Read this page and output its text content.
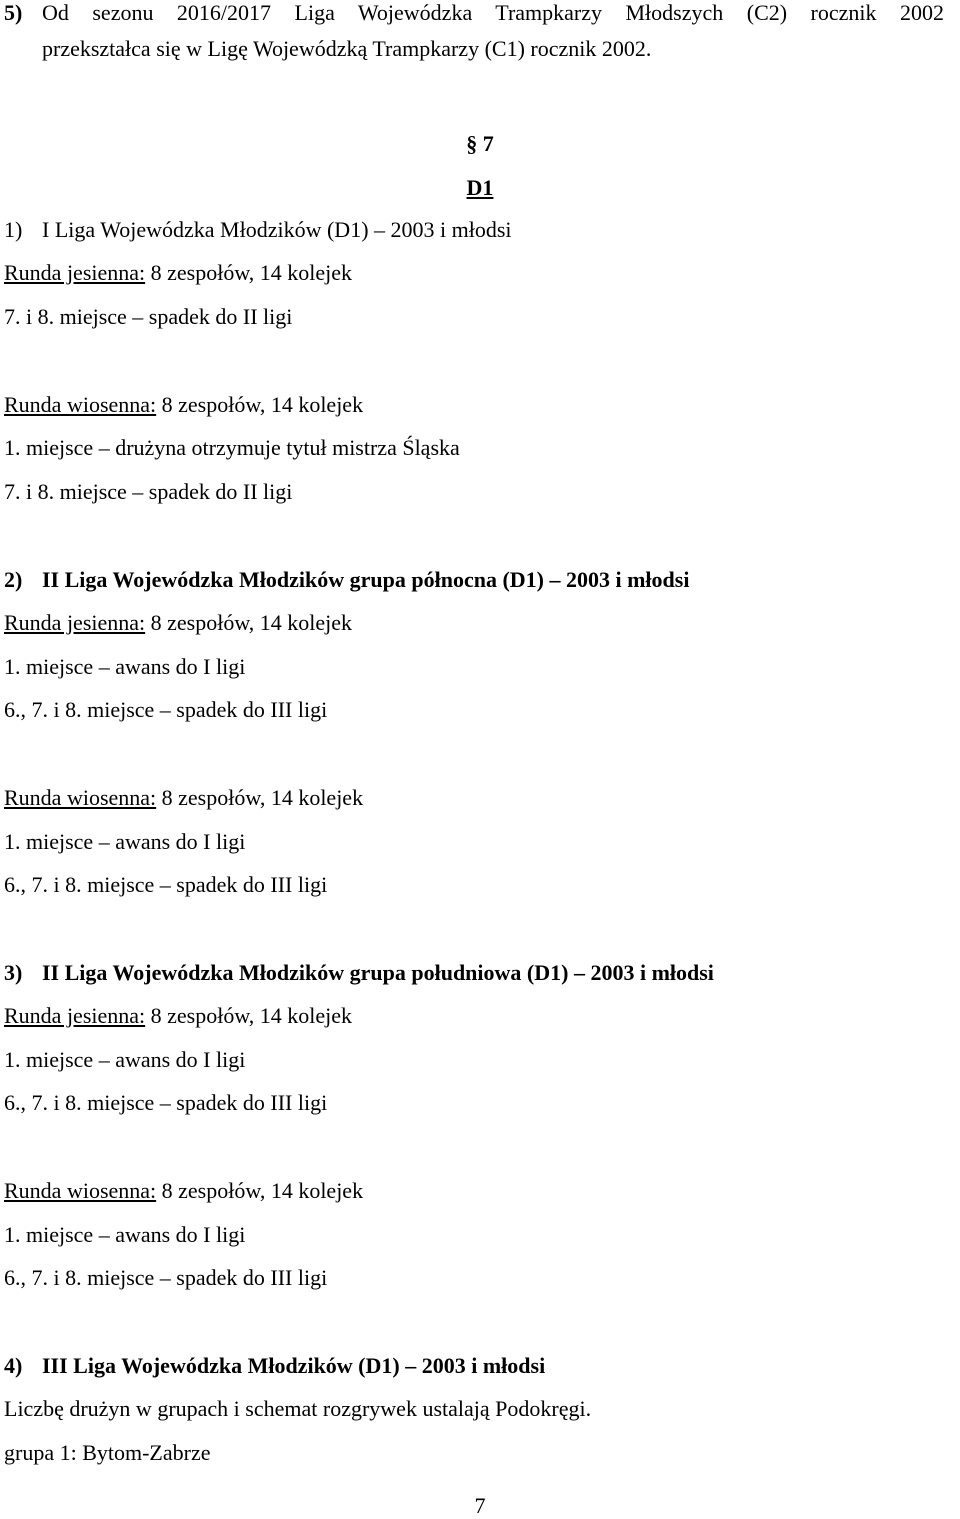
5) Od sezonu 2016/2017 Liga Wojewódzka Trampkarzy Młodszych (C2) rocznik 2002
przekształca się w Ligę Wojewódzką Trampkarzy (C1) rocznik 2002.
§ 7
D1
1) I Liga Wojewódzka Młodzików (D1) – 2003 i młodsi
Runda jesienna: 8 zespołów, 14 kolejek
7. i 8. miejsce – spadek do II ligi
Runda wiosenna: 8 zespołów, 14 kolejek
1. miejsce – drużyna otrzymuje tytuł mistrza Śląska
7. i 8. miejsce – spadek do II ligi
2) II Liga Wojewódzka Młodzików grupa północna (D1) – 2003 i młodsi
Runda jesienna: 8 zespołów, 14 kolejek
1. miejsce – awans do I ligi
6., 7. i 8. miejsce – spadek do III ligi
Runda wiosenna: 8 zespołów, 14 kolejek
1. miejsce – awans do I ligi
6., 7. i 8. miejsce – spadek do III ligi
3) II Liga Wojewódzka Młodzików grupa południowa (D1) – 2003 i młodsi
Runda jesienna: 8 zespołów, 14 kolejek
1. miejsce – awans do I ligi
6., 7. i 8. miejsce – spadek do III ligi
Runda wiosenna: 8 zespołów, 14 kolejek
1. miejsce – awans do I ligi
6., 7. i 8. miejsce – spadek do III ligi
4) III Liga Wojewódzka Młodzików (D1) – 2003 i młodsi
Liczbę drużyn w grupach i schemat rozgrywek ustalają Podokręgi.
grupa 1: Bytom-Zabrze
7
